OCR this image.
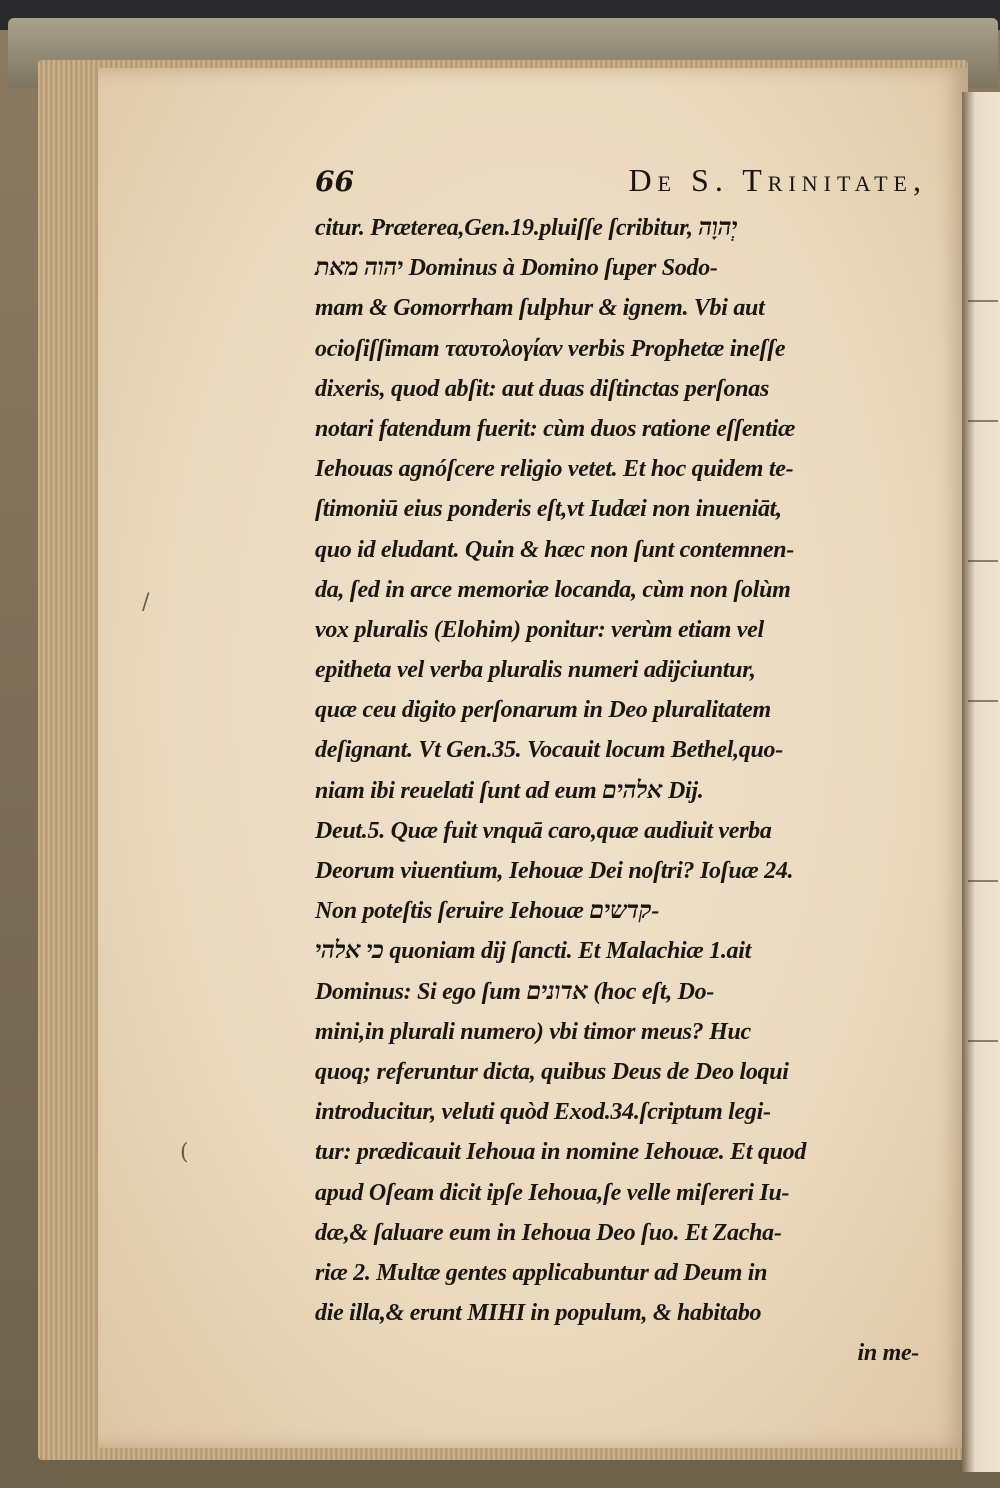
/
(
66	De S. Trinitate,
citur. Præterea,Gen.19.pluiſſe ſcribitur, יְהוָה
יהוה מאת Dominus à Domino ſuper Sodo-
mam & Gomorrham ſulphur & ignem. Vbi aut
ocioſiſſimam ταυτολογίαν verbis Prophetæ ineſſe
dixeris, quod abſit: aut duas diſtinctas perſonas
notari fatendum fuerit: cùm duos ratione eſſentiæ
Iehouas agnóſcere religio vetet. Et hoc quidem te-
ſtimoniū eius ponderis eſt,vt Iudæi non inueniāt,
quo id eludant. Quin & hæc non ſunt contemnen-
da, ſed in arce memoriæ locanda, cùm non ſolùm
vox pluralis (Elohim) ponitur: verùm etiam vel
epitheta vel verba pluralis numeri adijciuntur,
quæ ceu digito perſonarum in Deo pluralitatem
deſignant. Vt Gen.35. Vocauit locum Bethel,quo-
niam ibi reuelati ſunt ad eum אלהים Dij.
Deut.5. Quæ fuit vnquā caro,quæ audiuit verba
Deorum viuentium, Iehouæ Dei noſtri? Ioſuæ 24.
Non poteſtis ſeruire Iehouæ קדשים-
כי אלהי quoniam dij ſancti. Et Malachiæ 1.ait
Dominus: Si ego ſum אדונים (hoc eſt, Do-
mini,in plurali numero) vbi timor meus? Huc
quoq; referuntur dicta, quibus Deus de Deo loqui
introducitur, veluti quòd Exod.34.ſcriptum legi-
tur: prædicauit Iehoua in nomine Iehouæ. Et quod
apud Oſeam dicit ipſe Iehoua,ſe velle miſereri Iu-
dæ,& ſaluare eum in Iehoua Deo ſuo. Et Zacha-
riæ 2. Multæ gentes applicabuntur ad Deum in
die illa,& erunt MIHI in populum, & habitabo
in me-
